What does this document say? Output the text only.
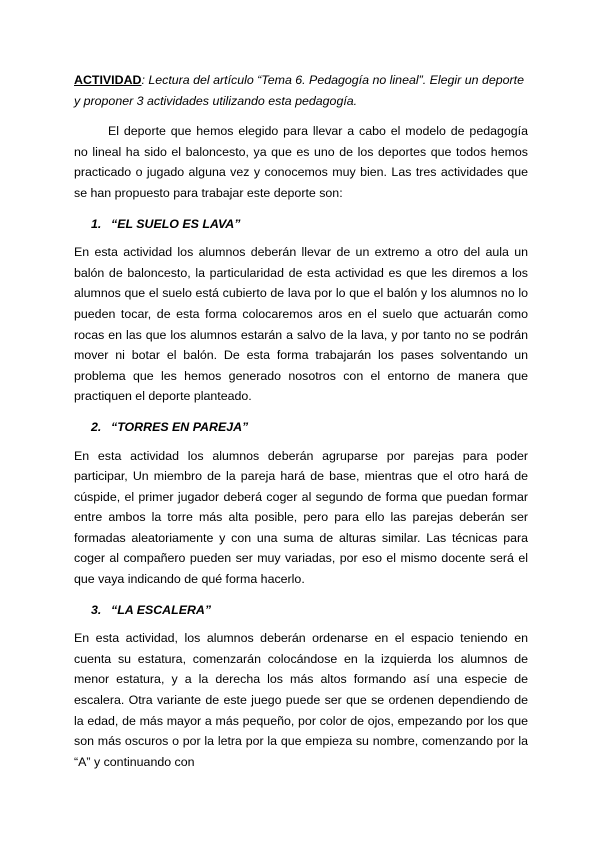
ACTIVIDAD: Lectura del artículo “Tema 6. Pedagogía no lineal”. Elegir un deporte y proponer 3 actividades utilizando esta pedagogía.

El deporte que hemos elegido para llevar a cabo el modelo de pedagogía no lineal ha sido el baloncesto, ya que es uno de los deportes que todos hemos practicado o jugado alguna vez y conocemos muy bien. Las tres actividades que se han propuesto para trabajar este deporte son:

1. “EL SUELO ES LAVA”

En esta actividad los alumnos deberán llevar de un extremo a otro del aula un balón de baloncesto, la particularidad de esta actividad es que les diremos a los alumnos que el suelo está cubierto de lava por lo que el balón y los alumnos no lo pueden tocar, de esta forma colocaremos aros en el suelo que actuarán como rocas en las que los alumnos estarán a salvo de la lava, y por tanto no se podrán mover ni botar el balón. De esta forma trabajarán los pases solventando un problema que les hemos generado nosotros con el entorno de manera que practiquen el deporte planteado.

2. “TORRES EN PAREJA”

En esta actividad los alumnos deberán agruparse por parejas para poder participar, Un miembro de la pareja hará de base, mientras que el otro hará de cúspide, el primer jugador deberá coger al segundo de forma que puedan formar entre ambos la torre más alta posible, pero para ello las parejas deberán ser formadas aleatoriamente y con una suma de alturas similar. Las técnicas para coger al compañero pueden ser muy variadas, por eso el mismo docente será el que vaya indicando de qué forma hacerlo.

3. “LA ESCALERA”

En esta actividad, los alumnos deberán ordenarse en el espacio teniendo en cuenta su estatura, comenzarán colocándose en la izquierda los alumnos de menor estatura, y a la derecha los más altos formando así una especie de escalera. Otra variante de este juego puede ser que se ordenen dependiendo de la edad, de más mayor a más pequeño, por color de ojos, empezando por los que son más oscuros o por la letra por la que empieza su nombre, comenzando por la “A” y continuando con
